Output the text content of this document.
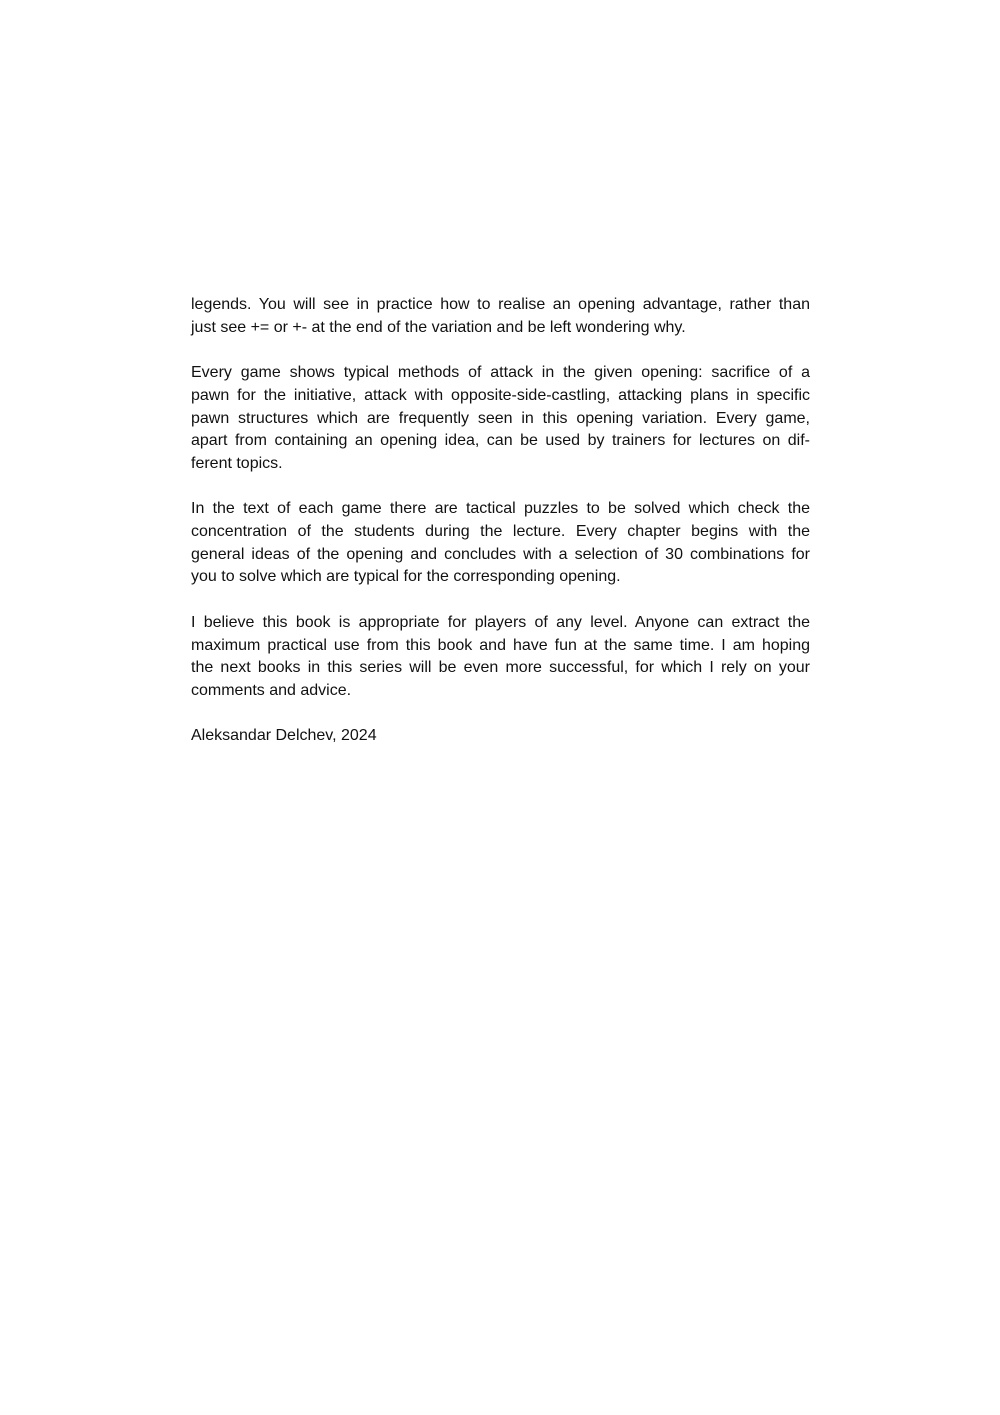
legends. You will see in practice how to realise an opening advantage, rather than
just see += or +- at the end of the variation and be left wondering why.

Every game shows typical methods of attack in the given opening: sacrifice of a
pawn for the initiative, attack with opposite-side-castling, attacking plans in specific
pawn structures which are frequently seen in this opening variation. Every game,
apart from containing an opening idea, can be used by trainers for lectures on dif-
ferent topics.

In the text of each game there are tactical puzzles to be solved which check the
concentration of the students during the lecture. Every chapter begins with the
general ideas of the opening and concludes with a selection of 30 combinations for
you to solve which are typical for the corresponding opening.

I believe this book is appropriate for players of any level. Anyone can extract the
maximum practical use from this book and have fun at the same time. I am hoping
the next books in this series will be even more successful, for which I rely on your
comments and advice.

Aleksandar Delchev, 2024
